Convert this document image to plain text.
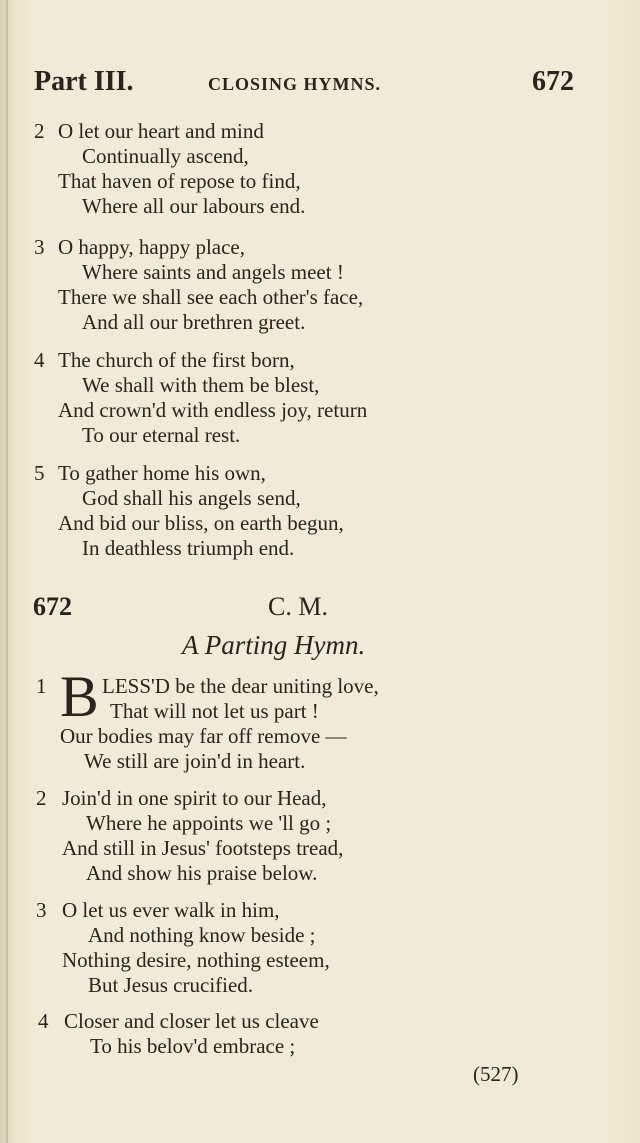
Part III.	CLOSING HYMNS.	672
2 O let our heart and mind
Continually ascend,
That haven of repose to find,
Where all our labours end.
3 O happy, happy place,
Where saints and angels meet !
There we shall see each other's face,
And all our brethren greet.
4 The church of the first born,
We shall with them be blest,
And crown'd with endless joy, return
To our eternal rest.
5 To gather home his own,
God shall his angels send,
And bid our bliss, on earth begun,
In deathless triumph end.
672	C. M.
A Parting Hymn.
1 B LESS'D be the dear uniting love,
That will not let us part !
Our bodies may far off remove —
We still are join'd in heart.
2 Join'd in one spirit to our Head,
Where he appoints we 'll go ;
And still in Jesus' footsteps tread,
And show his praise below.
3 O let us ever walk in him,
And nothing know beside ;
Nothing desire, nothing esteem,
But Jesus crucified.
4 Closer and closer let us cleave
To his belov'd embrace ;
(527)
